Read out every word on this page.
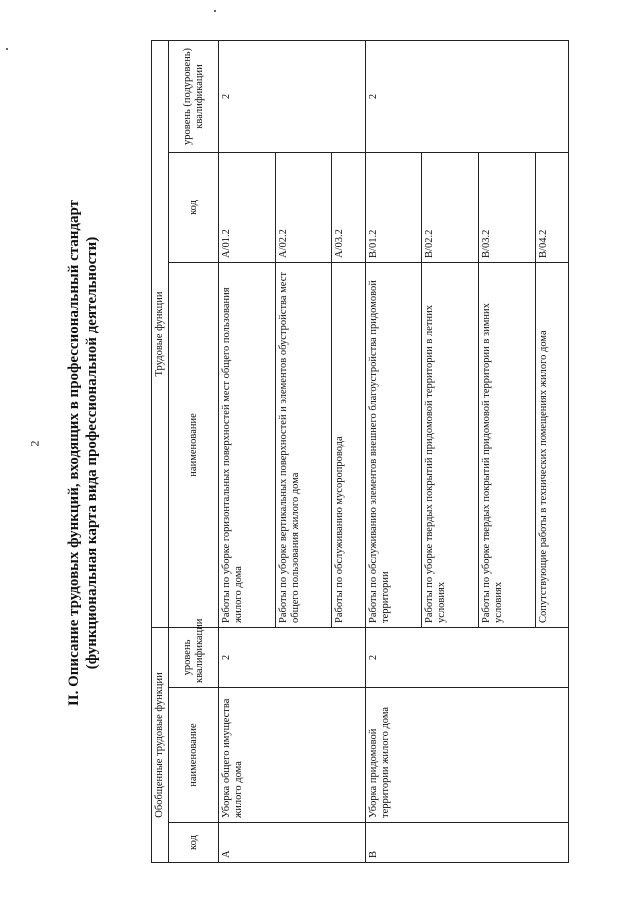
2 II. Описание трудовых функций, входящих в профессиональный стандарт (функциональная карта вида профессиональной деятельности)
Обобщенные трудовые функции			Трудовые функции		
код	наименование	уровень квалификации	наименование	код	уровень (подуровень) квалификации
А	Уборка общего имущества жилого дома	2	Работы по уборке горизонтальных поверхностей мест общего пользования жилого дома	A/01.2	2
			Работы по уборке вертикальных поверхностей и элементов обустройства мест общего пользования жилого дома	A/02.2	
			Работы по обслуживанию мусоропровода	A/03.2	
В	Уборка придомовой территории жилого дома	2	Работы по обслуживанию элементов внешнего благоустройства придомовой территории	B/01.2	2
			Работы по уборке твердых покрытий придомовой территории в летних условиях	B/02.2	
			Работы по уборке твердых покрытий придомовой территории в зимних условиях	B/03.2	
			Сопутствующие работы в технических помещениях жилого дома	B/04.2	
